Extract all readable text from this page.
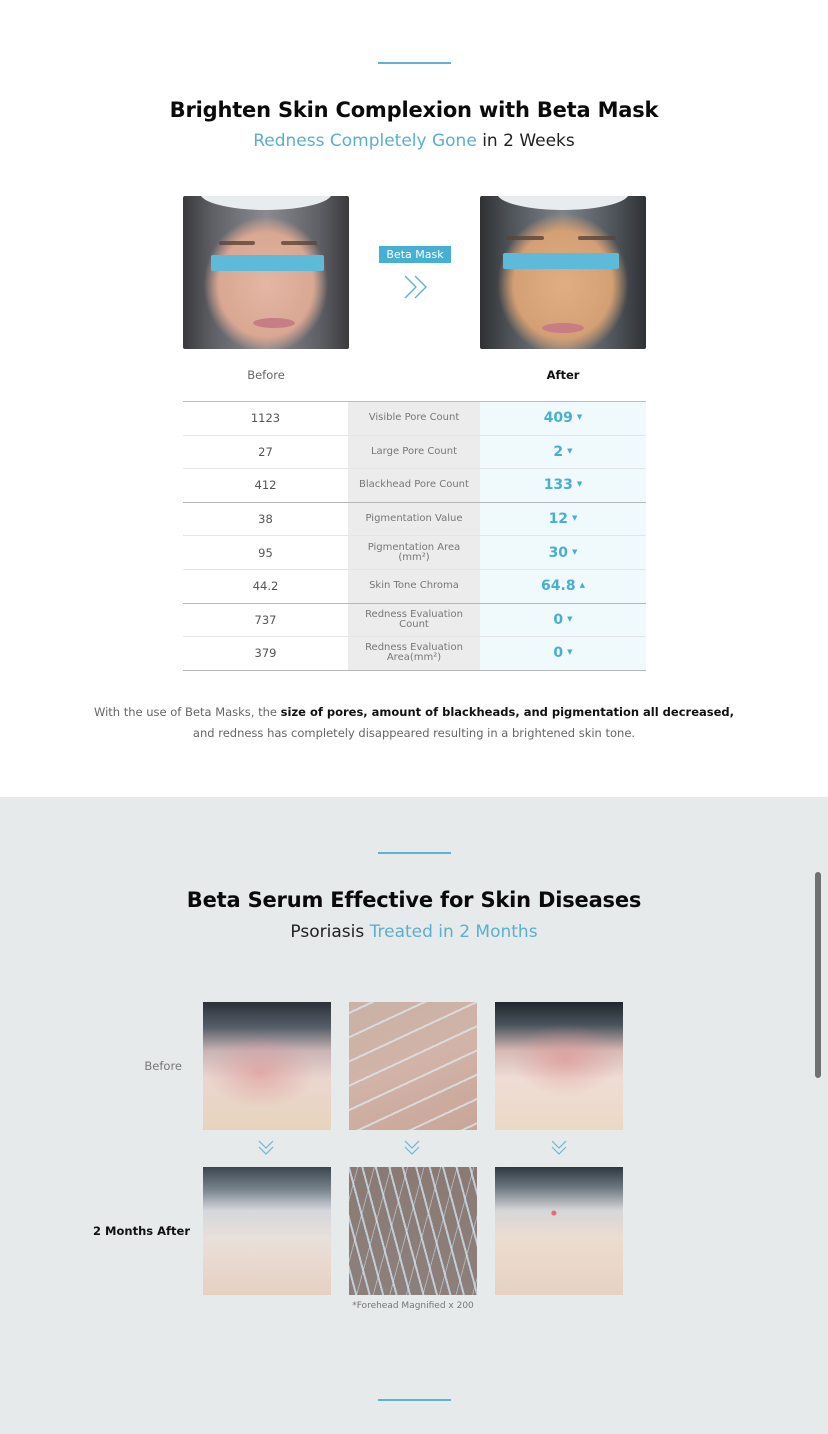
Brighten Skin Complexion with Beta Mask
Redness Completely Gone in 2 Weeks
Beta Mask
Before	After
1123	Visible Pore Count	409 ▼
27	Large Pore Count	2 ▼
412	Blackhead Pore Count	133 ▼
38	Pigmentation Value	12 ▼
95	Pigmentation Area (mm²)	30 ▼
44.2	Skin Tone Chroma	64.8 ▲
737	Redness Evaluation Count	0 ▼
379	Redness Evaluation Area(mm²)	0 ▼
With the use of Beta Masks, the size of pores, amount of blackheads, and pigmentation all decreased,
and redness has completely disappeared resulting in a brightened skin tone.
Beta Serum Effective for Skin Diseases
Psoriasis Treated in 2 Months
Before
2 Months After
*Forehead Magnified x 200
